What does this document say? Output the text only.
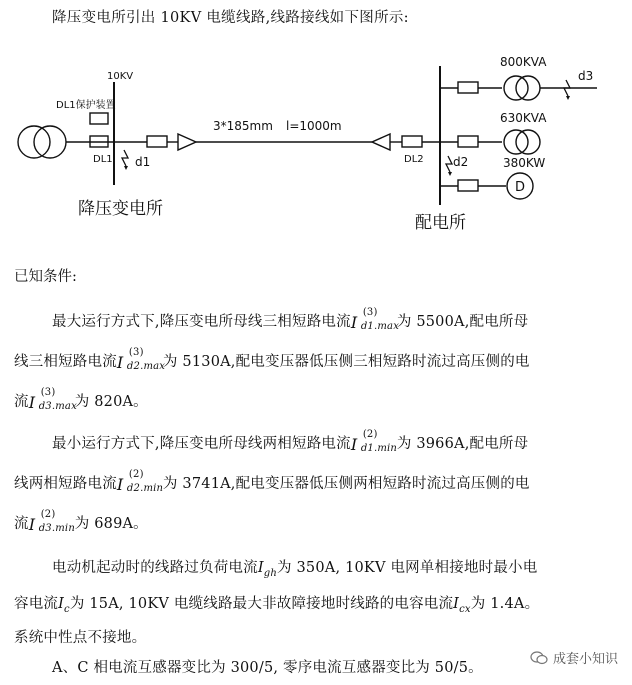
降压变电所引出 10KV 电缆线路,线路接线如下图所示:
10KV
DL1保护装置
DL1 d1
3*185mm l=1000m
DL2 d2
d3
800KVA
630KVA
380KW
D
降压变电所
配电所
已知条件:
最大运行方式下,降压变电所母线三相短路电流 I
(3)
d1.max
为 5500A,配电所母
线三相短路电流 I
(3)
d2.max
为 5130A,配电变压器低压侧三相短路时流过高压侧的电
流 I
(3)
d3.max
为 820A。
最小运行方式下,降压变电所母线两相短路电流 I
(2)
d1.min 为 3966A,配电所母
线两相短路电流 I
(2)
d2.min 为 3741A,配电变压器低压侧两相短路时流过高压侧的电
流 I
(2)
d3.min 为 689A。
电动机起动时的线路过负荷电流$I_{gh}$为 350A, 10KV 电网单相接地时最小电
容电流$I_c$为 15A, 10KV 电缆线路最大非故障接地时线路的电容电流$I_{cx}$为 1.4A。
系统中性点不接地。
A、C 相电流互感器变比为 300/5, 零序电流互感器变比为 50/5。
成套小知识
